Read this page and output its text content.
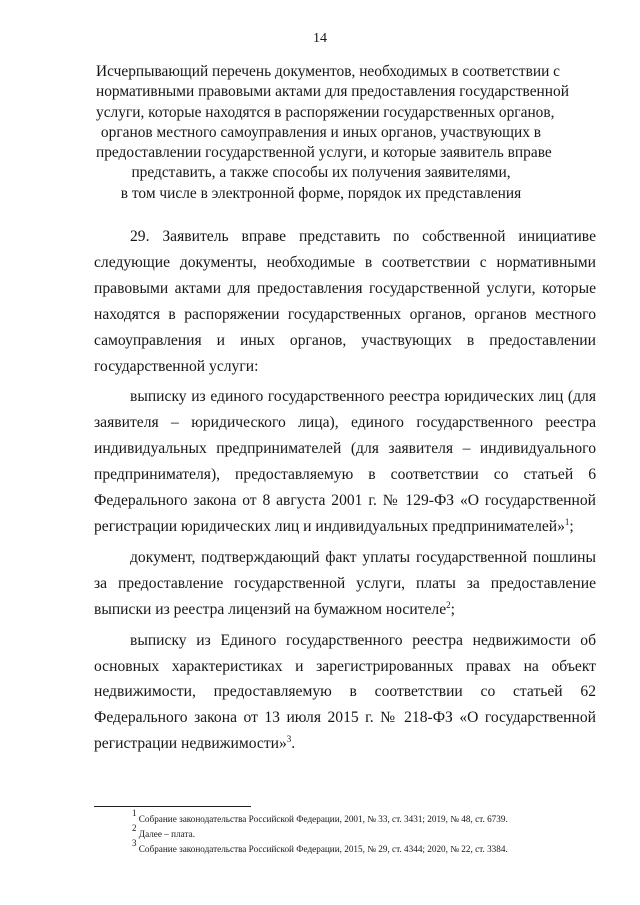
14
Исчерпывающий перечень документов, необходимых в соответствии с
нормативными правовыми актами для предоставления государственной
услуги, которые находятся в распоряжении государственных органов,
органов местного самоуправления и иных органов, участвующих в
предоставлении государственной услуги, и которые заявитель вправе
представить, а также способы их получения заявителями,
в том числе в электронной форме, порядок их представления

29. Заявитель вправе представить по собственной инициативе следующие документы, необходимые в соответствии с нормативными правовыми актами для предоставления государственной услуги, которые находятся в распоряжении государственных органов, органов местного самоуправления и иных органов, участвующих в предоставлении государственной услуги:

выписку из единого государственного реестра юридических лиц (для заявителя – юридического лица), единого государственного реестра индивидуальных предпринимателей (для заявителя – индивидуального предпринимателя), предоставляемую в соответствии со статьей 6 Федерального закона от 8 августа 2001 г. № 129-ФЗ «О государственной регистрации юридических лиц и индивидуальных предпринимателей»$^1$;

документ, подтверждающий факт уплаты государственной пошлины за предоставление государственной услуги, платы за предоставление выписки из реестра лицензий на бумажном носителе$^2$;

выписку из Единого государственного реестра недвижимости об основных характеристиках и зарегистрированных правах на объект недвижимости, предоставляемую в соответствии со статьей 62 Федерального закона от 13 июля 2015 г. № 218-ФЗ «О государственной регистрации недвижимости»$^3$.

$^1$ Собрание законодательства Российской Федерации, 2001, № 33, ст. 3431; 2019, № 48, ст. 6739.
$^2$ Далее – плата.
$^3$ Собрание законодательства Российской Федерации, 2015, № 29, ст. 4344; 2020, № 22, ст. 3384.
